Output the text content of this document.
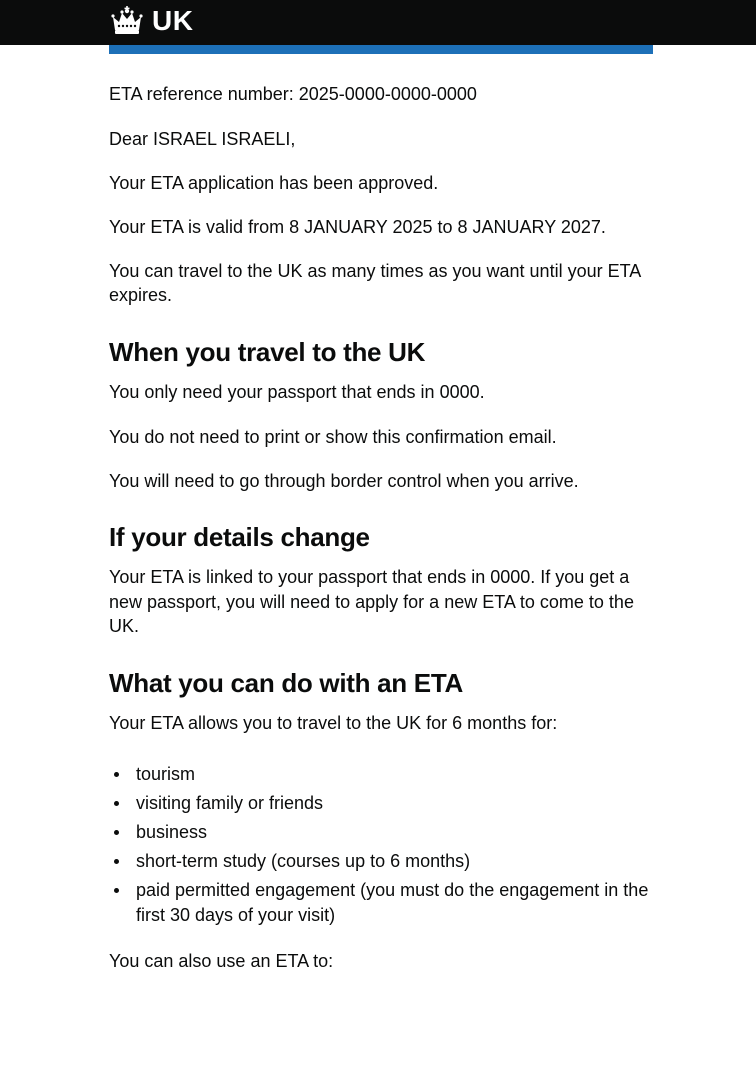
UK

ETA reference number: 2025-0000-0000-0000

Dear ISRAEL ISRAELI,

Your ETA application has been approved.

Your ETA is valid from 8 JANUARY 2025 to 8 JANUARY 2027.

You can travel to the UK as many times as you want until your ETA expires.

When you travel to the UK

You only need your passport that ends in 0000.

You do not need to print or show this confirmation email.

You will need to go through border control when you arrive.

If your details change

Your ETA is linked to your passport that ends in 0000. If you get a new passport, you will need to apply for a new ETA to come to the UK.

What you can do with an ETA

Your ETA allows you to travel to the UK for 6 months for:

tourism
visiting family or friends
business
short-term study (courses up to 6 months)
paid permitted engagement (you must do the engagement in the first 30 days of your visit)

You can also use an ETA to:
